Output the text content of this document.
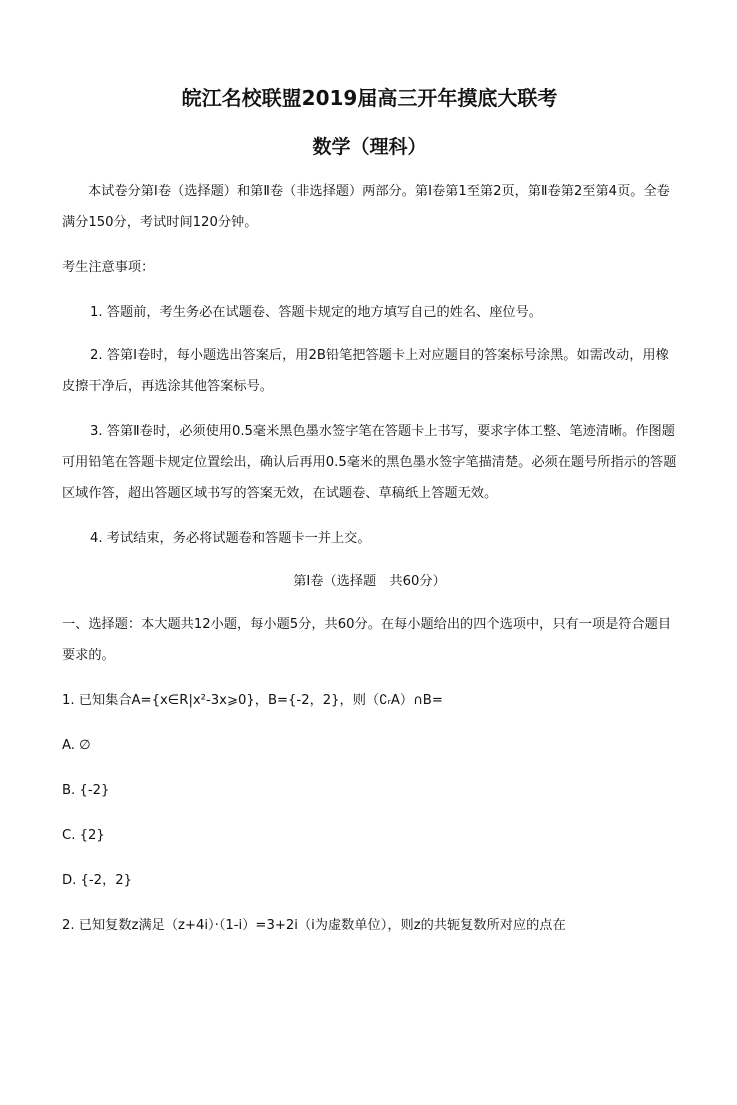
皖江名校联盟2019届高三开年摸底大联考
数学（理科）

本试卷分第Ⅰ卷（选择题）和第Ⅱ卷（非选择题）两部分。第Ⅰ卷第1至第2页，第Ⅱ卷第2至第4页。全卷满分150分，考试时间120分钟。

考生注意事项：

1. 答题前，考生务必在试题卷、答题卡规定的地方填写自己的姓名、座位号。

2. 答第Ⅰ卷时，每小题选出答案后，用2B铅笔把答题卡上对应题目的答案标号涂黑。如需改动，用橡皮擦干净后，再选涂其他答案标号。

3. 答第Ⅱ卷时，必须使用0.5毫米黑色墨水签字笔在答题卡上书写，要求字体工整、笔迹清晰。作图题可用铅笔在答题卡规定位置绘出，确认后再用0.5毫米的黑色墨水签字笔描清楚。必须在题号所指示的答题区域作答，超出答题区域书写的答案无效，在试题卷、草稿纸上答题无效。

4. 考试结束，务必将试题卷和答题卡一并上交。

第Ⅰ卷（选择题　共60分）

一、选择题：本大题共12小题，每小题5分，共60分。在每小题给出的四个选项中，只有一项是符合题目要求的。

1. 已知集合A={x∈R|x²-3x⩾0}，B={-2，2}，则（∁ᵣA）∩B=

A. ∅

B. {-2}

C. {2}

D. {-2，2}

2. 已知复数z满足（z+4i）·（1-i）=3+2i（i为虚数单位），则z的共轭复数所对应的点在
